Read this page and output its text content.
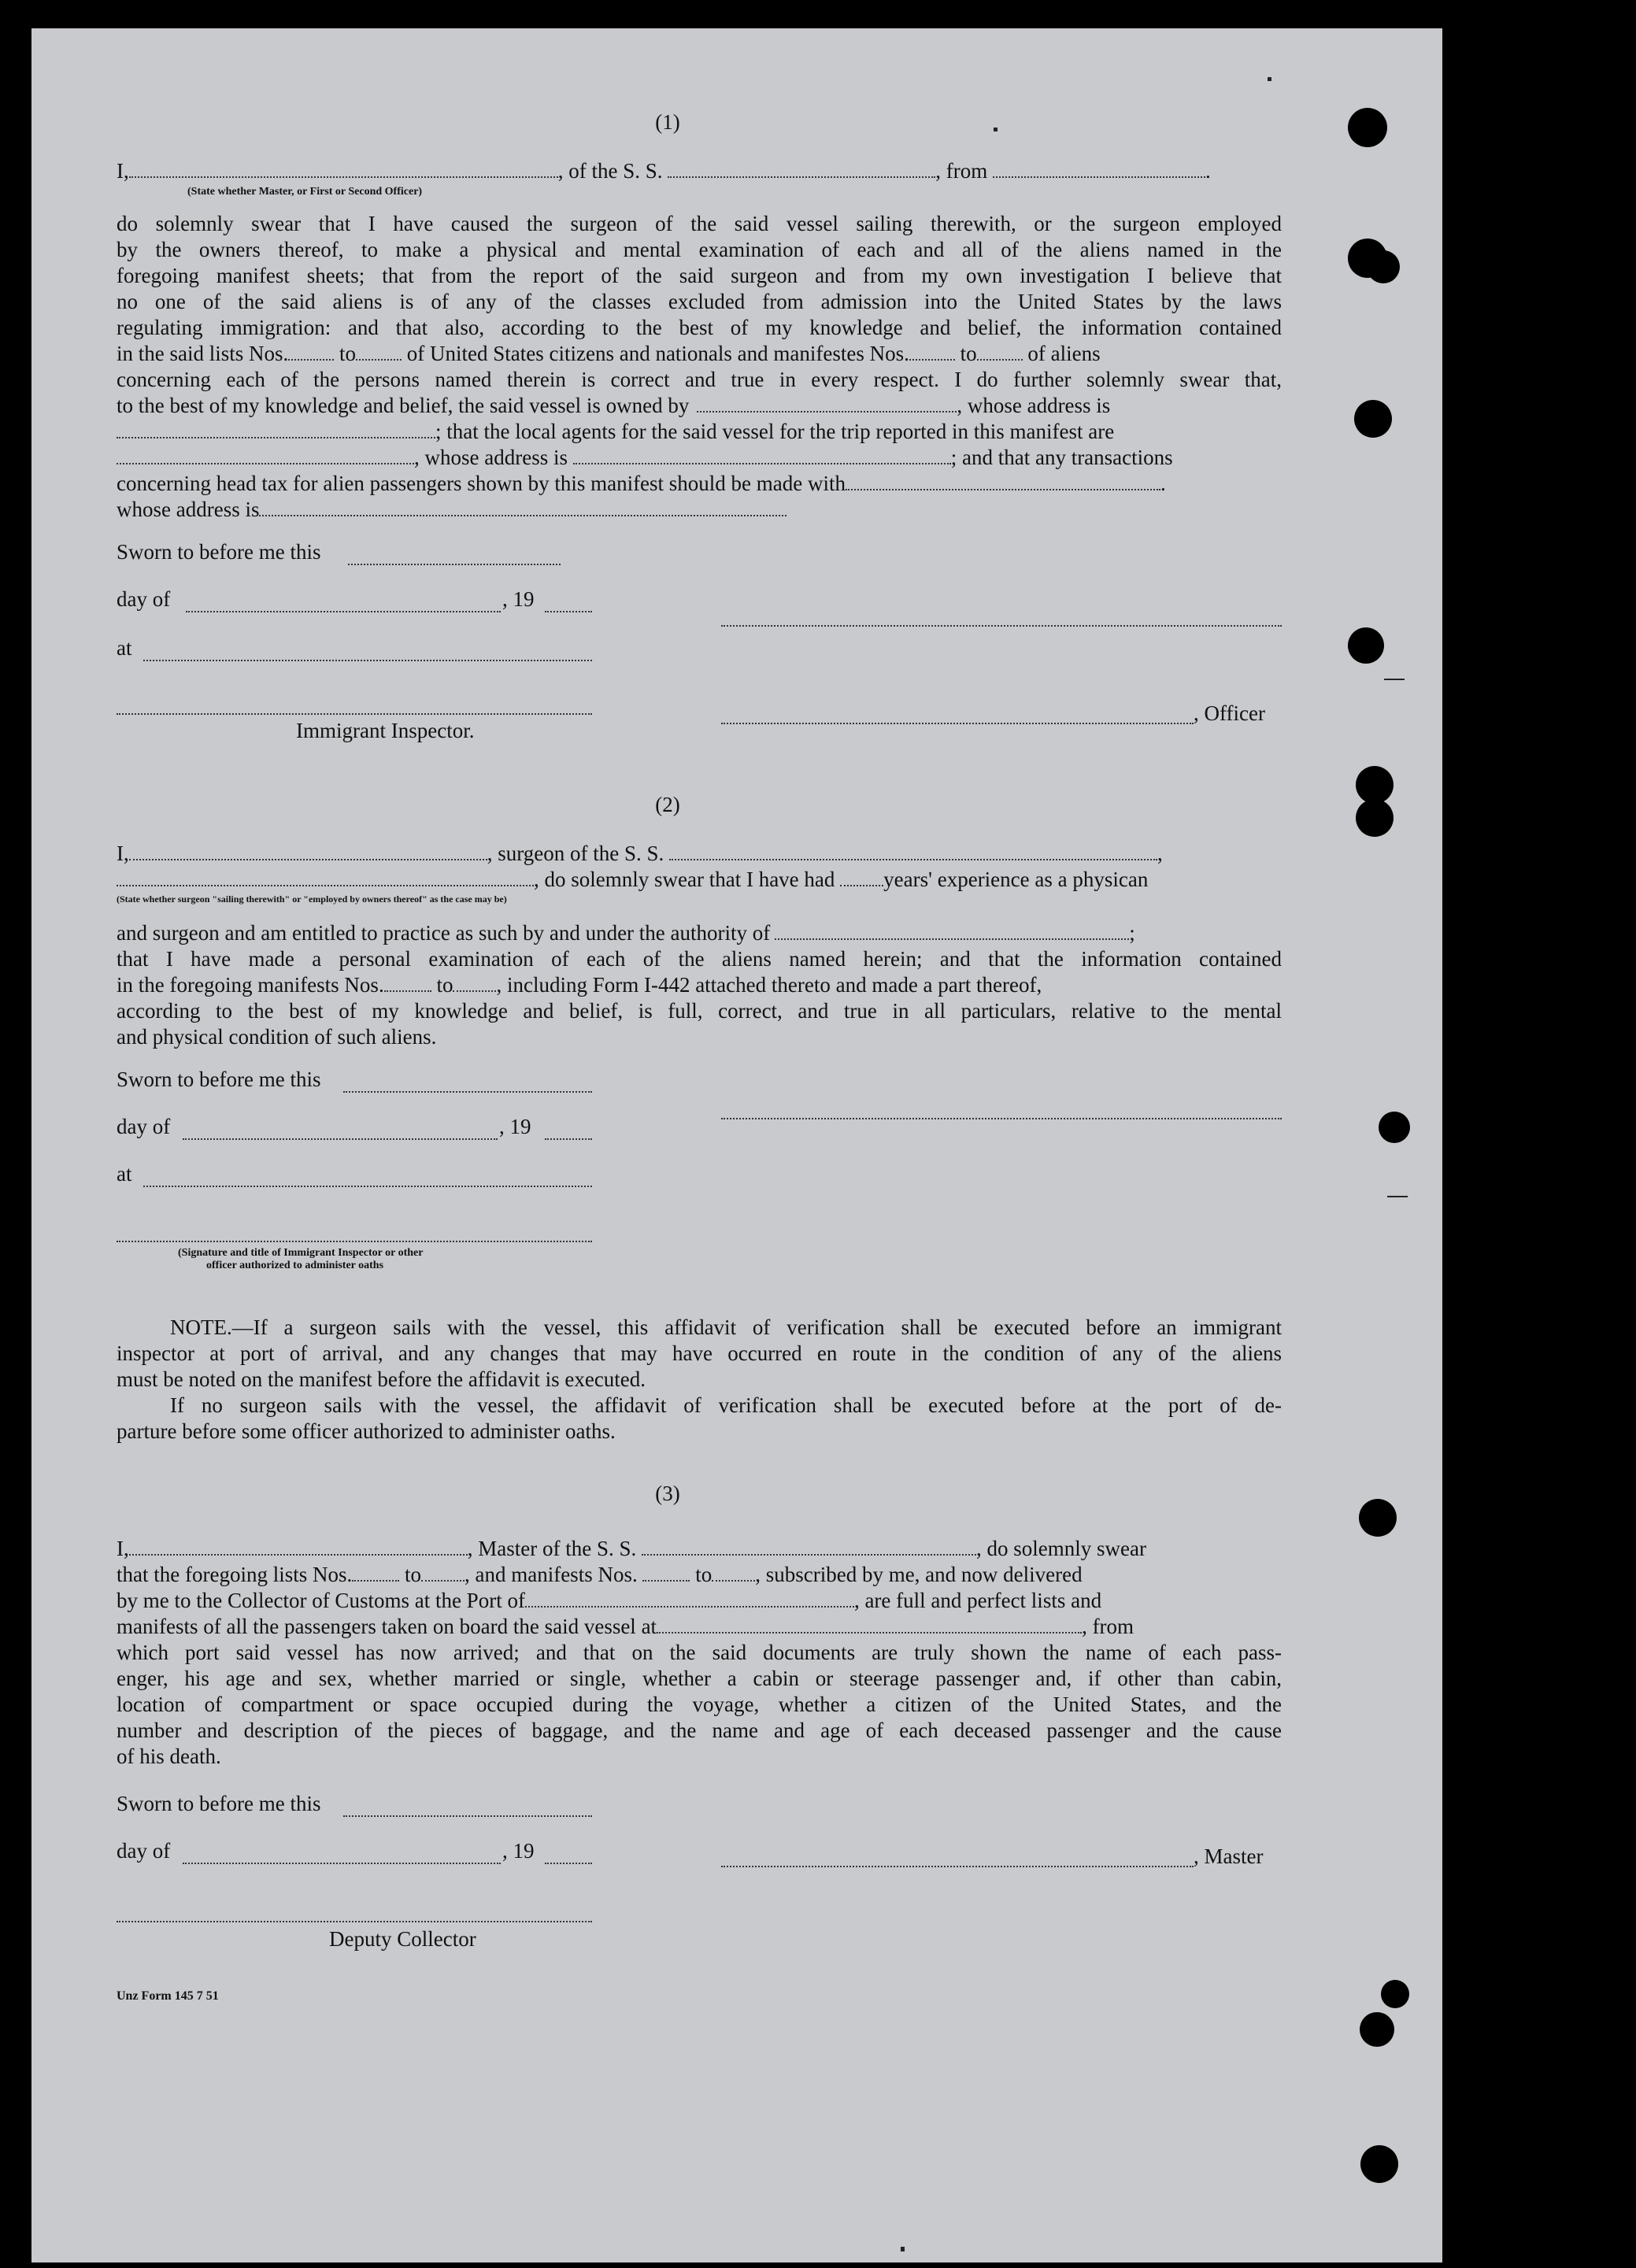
(1)
I,	, of the S. S.	, from	.
(State whether Master, or First or Second Officer)
do solemnly swear that I have caused the surgeon of the said vessel sailing therewith, or the surgeon employed
by the owners thereof, to make a physical and mental examination of each and all of the aliens named in the
foregoing manifest sheets; that from the report of the said surgeon and from my own investigation I believe that
no one of the said aliens is of any of the classes excluded from admission into the United States by the laws
regulating immigration: and that also, according to the best of my knowledge and belief, the information contained
in the said lists Nos. to of United States citizens and nationals and manifestes Nos. to of aliens
concerning each of the persons named therein is correct and true in every respect. I do further solemnly swear that,
to the best of my knowledge and belief, the said vessel is owned by	, whose address is
; that the local agents for the said vessel for the trip reported in this manifest are
, whose address is	; and that any transactions
concerning head tax for alien passengers shown by this manifest should be made with	.
whose address is
Sworn to before me this
day of	, 19
at
, Officer
Immigrant Inspector.
(2)
I,	, surgeon of the S. S.	,
, do solemnly swear that I have had years' experience as a physican
(State whether surgeon "sailing therewith" or "employed by owners thereof" as the case may be)
and surgeon and am entitled to practice as such by and under the authority of	;
that I have made a personal examination of each of the aliens named herein; and that the information contained
in the foregoing manifests Nos. to , including Form I-442 attached thereto and made a part thereof,
according to the best of my knowledge and belief, is full, correct, and true in all particulars, relative to the mental
and physical condition of such aliens.
Sworn to before me this
day of	, 19
at
(Signature and title of Immigrant Inspector or other
officer authorized to administer oaths
NOTE.—If a surgeon sails with the vessel, this affidavit of verification shall be executed before an immigrant
inspector at port of arrival, and any changes that may have occurred en route in the condition of any of the aliens
must be noted on the manifest before the affidavit is executed.
If no surgeon sails with the vessel, the affidavit of verification shall be executed before at the port of de-
parture before some officer authorized to administer oaths.
(3)
I,	, Master of the S. S.	, do solemnly swear
that the foregoing lists Nos. to , and manifests Nos.	to , subscribed by me, and now delivered
by me to the Collector of Customs at the Port of	, are full and perfect lists and
manifests of all the passengers taken on board the said vessel at	, from
which port said vessel has now arrived; and that on the said documents are truly shown the name of each pass-
enger, his age and sex, whether married or single, whether a cabin or steerage passenger and, if other than cabin,
location of compartment or space occupied during the voyage, whether a citizen of the United States, and the
number and description of the pieces of baggage, and the name and age of each deceased passenger and the cause
of his death.
Sworn to before me this
day of	, 19	, Master
Deputy Collector
Unz Form 145 7 51
